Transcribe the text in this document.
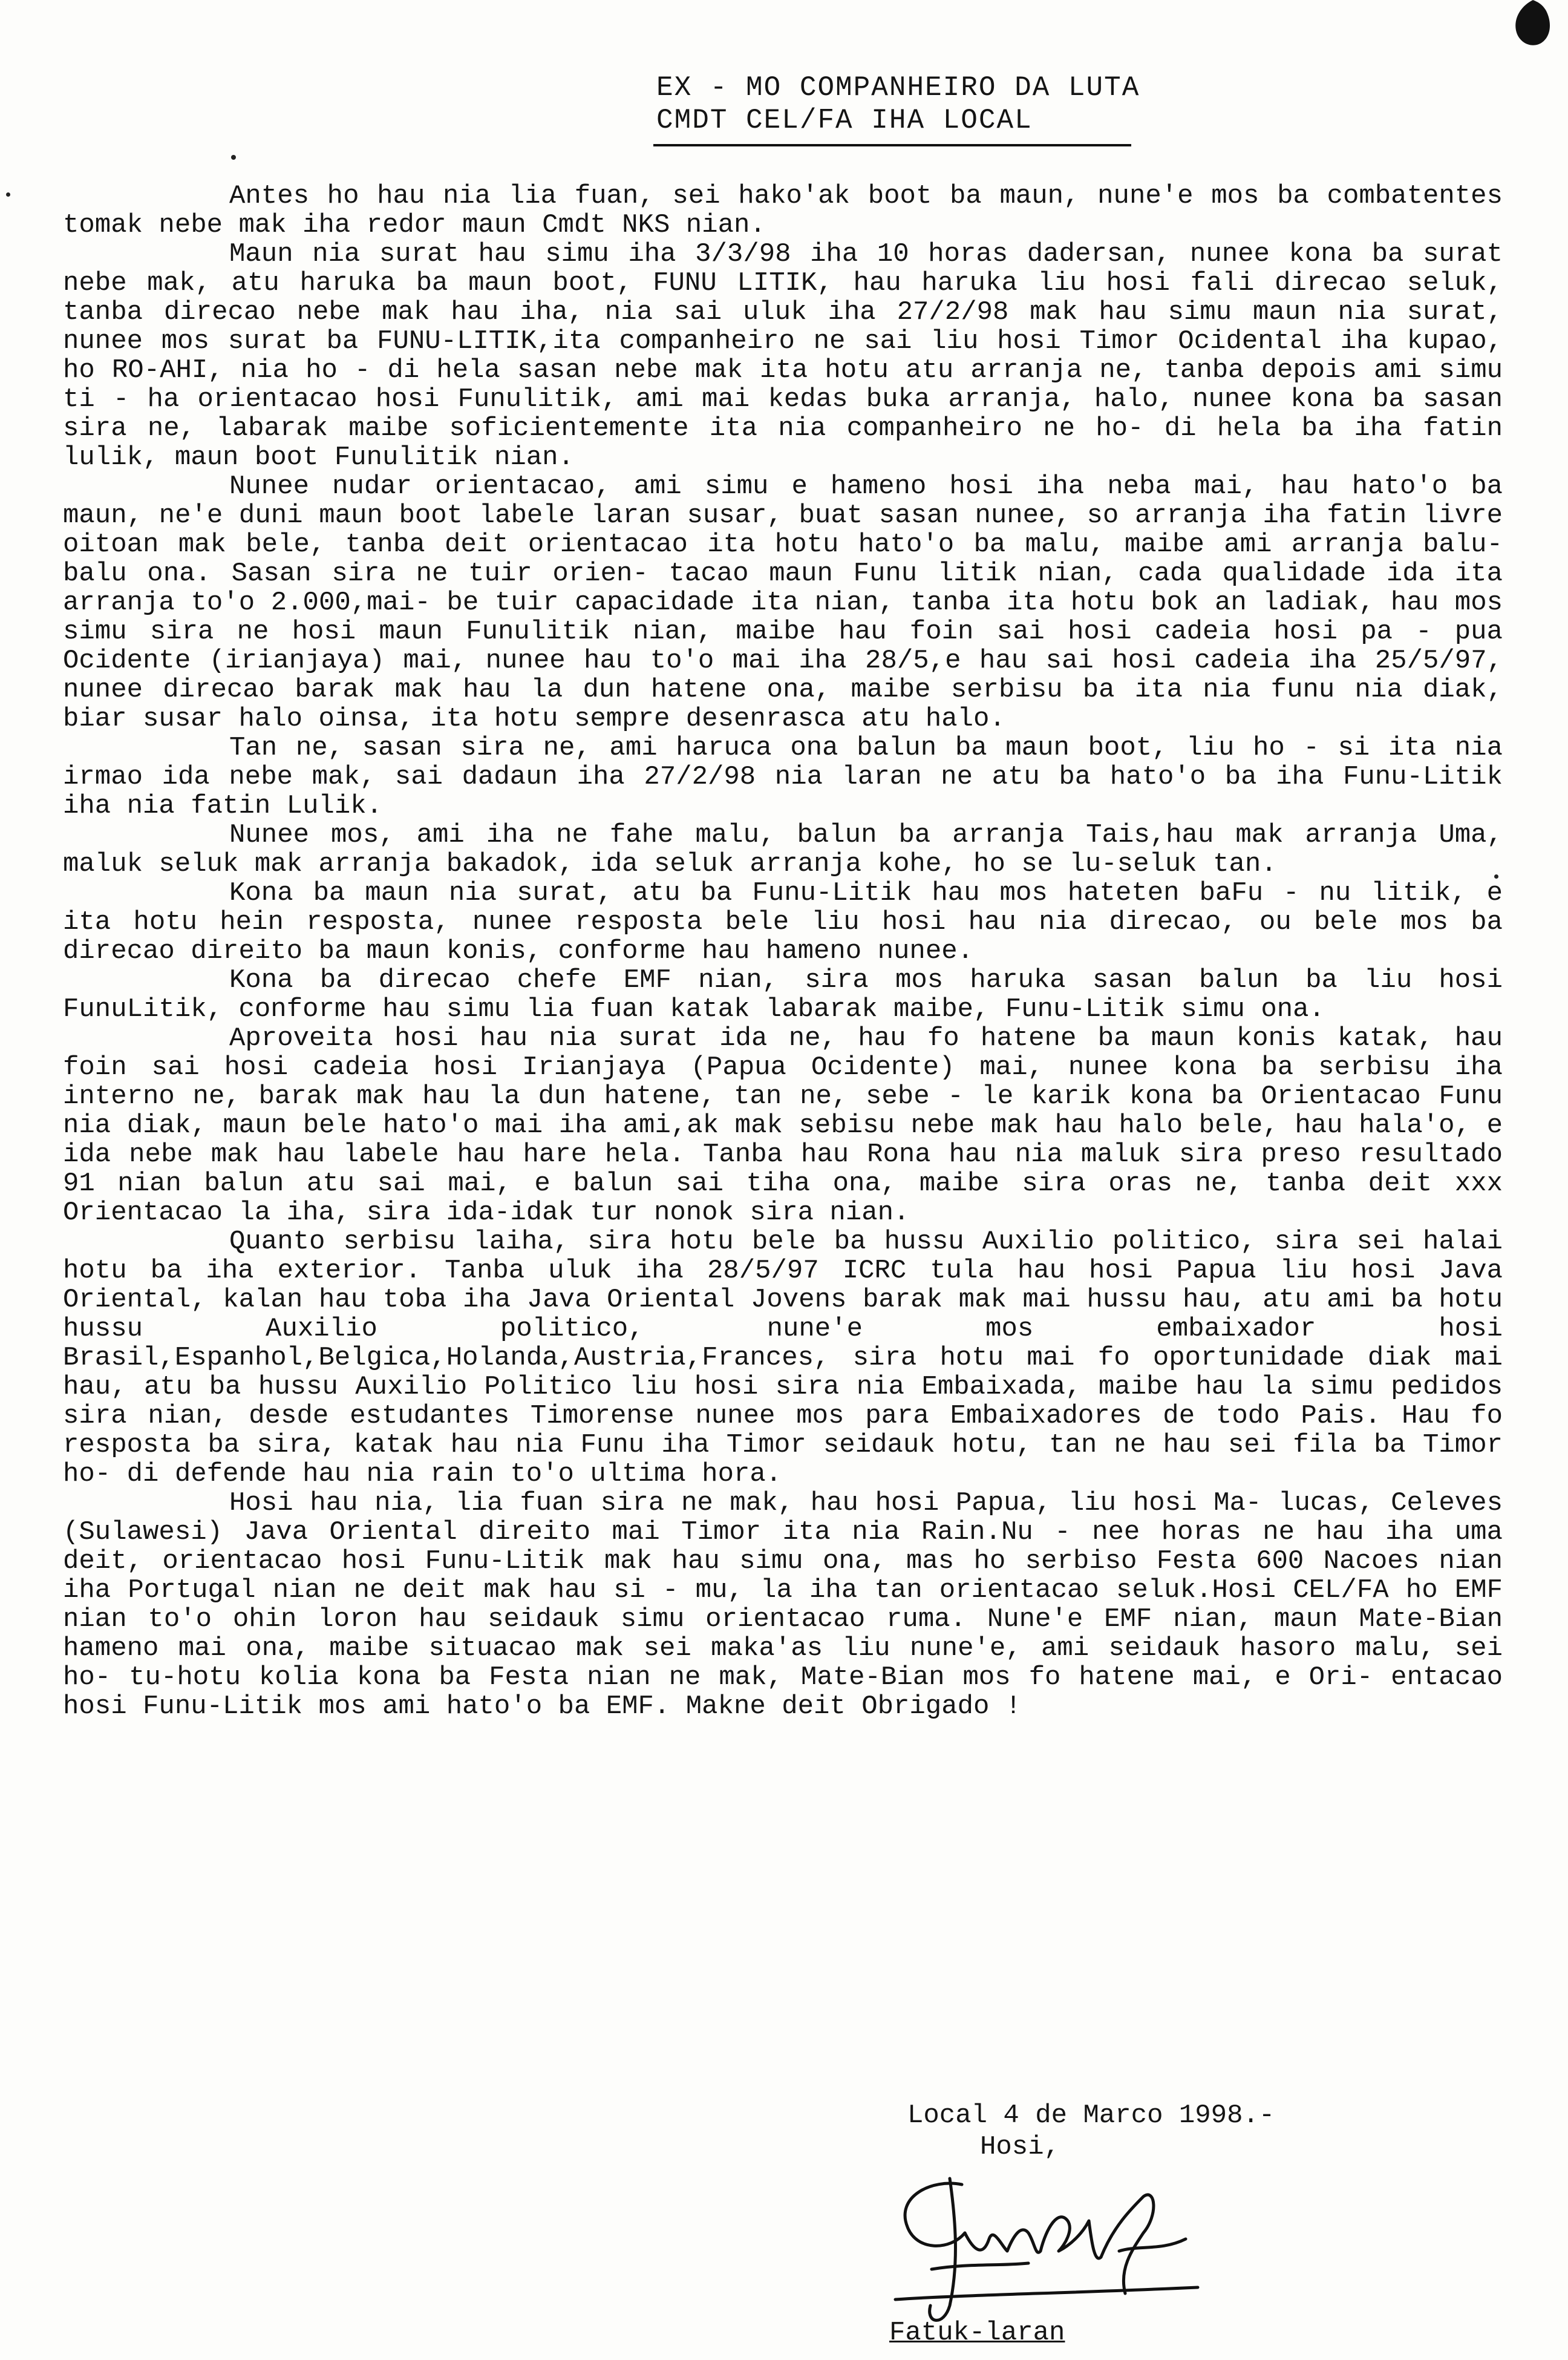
EX - MO COMPANHEIRO DA LUTA

CMDT CEL/FA IHA LOCAL

Antes ho hau nia lia fuan, sei hako'ak boot ba maun, nune'e mos ba combatentes tomak nebe mak iha redor maun Cmdt NKS nian.

Maun nia surat hau simu iha 3/3/98 iha 10 horas dadersan, nunee kona ba surat nebe mak, atu haruka ba maun boot, FUNU LITIK, hau haruka liu hosi fali direcao seluk, tanba direcao nebe mak hau iha, nia sai uluk iha 27/2/98 mak hau simu maun nia surat, nunee mos surat ba FUNU-LITIK,ita companheiro ne sai liu hosi Timor Ocidental iha kupao, ho RO-AHI, nia ho - di hela sasan nebe mak ita hotu atu arranja ne, tanba depois ami simu ti - ha orientacao hosi Funulitik, ami mai kedas buka arranja, halo, nunee kona ba sasan sira ne, labarak maibe soficientemente ita nia companheiro ne ho- di hela ba iha fatin lulik, maun boot Funulitik nian.

Nunee nudar orientacao, ami simu e hameno hosi iha neba mai, hau hato'o ba maun, ne'e duni maun boot labele laran susar, buat sasan nunee, so arranja iha fatin livre oitoan mak bele, tanba deit orientacao ita hotu hato'o ba malu, maibe ami arranja balu-balu ona. Sasan sira ne tuir orien- tacao maun Funu litik nian, cada qualidade ida ita arranja to'o 2.000,mai- be tuir capacidade ita nian, tanba ita hotu bok an ladiak, hau mos simu sira ne hosi maun Funulitik nian, maibe hau foin sai hosi cadeia hosi pa - pua Ocidente (irianjaya) mai, nunee hau to'o mai iha 28/5,e hau sai hosi cadeia iha 25/5/97, nunee direcao barak mak hau la dun hatene ona, maibe serbisu ba ita nia funu nia diak, biar susar halo oinsa, ita hotu sempre desenrasca atu halo.

Tan ne, sasan sira ne, ami haruca ona balun ba maun boot, liu ho - si ita nia irmao ida nebe mak, sai dadaun iha 27/2/98 nia laran ne atu ba hato'o ba iha Funu-Litik iha nia fatin Lulik.

Nunee mos, ami iha ne fahe malu, balun ba arranja Tais,hau mak arranja Uma, maluk seluk mak arranja bakadok, ida seluk arranja kohe, ho se lu-seluk tan.

Kona ba maun nia surat, atu ba Funu-Litik hau mos hateten baFu - nu litik, e ita hotu hein resposta, nunee resposta bele liu hosi hau nia direcao, ou bele mos ba direcao direito ba maun konis, conforme hau hameno nunee.

Kona ba direcao chefe EMF nian, sira mos haruka sasan balun ba liu hosi FunuLitik, conforme hau simu lia fuan katak labarak maibe, Funu-Litik simu ona.

Aproveita hosi hau nia surat ida ne, hau fo hatene ba maun konis katak, hau foin sai hosi cadeia hosi Irianjaya (Papua Ocidente) mai, nunee kona ba serbisu iha interno ne, barak mak hau la dun hatene, tan ne, sebe - le karik kona ba Orientacao Funu nia diak, maun bele hato'o mai iha ami,ak mak sebisu nebe mak hau halo bele, hau hala'o, e ida nebe mak hau labele hau hare hela. Tanba hau Rona hau nia maluk sira preso resultado 91 nian balun atu sai mai, e balun sai tiha ona, maibe sira oras ne, tanba deit xxx Orientacao la iha, sira ida-idak tur nonok sira nian.

Quanto serbisu laiha, sira hotu bele ba hussu Auxilio politico, sira sei halai hotu ba iha exterior. Tanba uluk iha 28/5/97 ICRC tula hau hosi Papua liu hosi Java Oriental, kalan hau toba iha Java Oriental Jovens barak mak mai hussu hau, atu ami ba hotu hussu Auxilio politico, nune'e mos embaixador hosi Brasil,Espanhol,Belgica,Holanda,Austria,Frances, sira hotu mai fo oportunidade diak mai hau, atu ba hussu Auxilio Politico liu hosi sira nia Embaixada, maibe hau la simu pedidos sira nian, desde estudantes Timorense nunee mos para Embaixadores de todo Pais. Hau fo resposta ba sira, katak hau nia Funu iha Timor seidauk hotu, tan ne hau sei fila ba Timor ho- di defende hau nia rain to'o ultima hora.

Hosi hau nia, lia fuan sira ne mak, hau hosi Papua, liu hosi Ma- lucas, Celeves (Sulawesi) Java Oriental direito mai Timor ita nia Rain.Nu - nee horas ne hau iha uma deit, orientacao hosi Funu-Litik mak hau simu ona, mas ho serbiso Festa 600 Nacoes nian iha Portugal nian ne deit mak hau si - mu, la iha tan orientacao seluk.Hosi CEL/FA ho EMF nian to'o ohin loron hau seidauk simu orientacao ruma. Nune'e EMF nian, maun Mate-Bian hameno mai ona, maibe situacao mak sei maka'as liu nune'e, ami seidauk hasoro malu, sei ho- tu-hotu kolia kona ba Festa nian ne mak, Mate-Bian mos fo hatene mai, e Ori- entacao hosi Funu-Litik mos ami hato'o ba EMF. Makne deit Obrigado !

Local 4 de Marco 1998.-

Hosi,

Fatuk-laran
